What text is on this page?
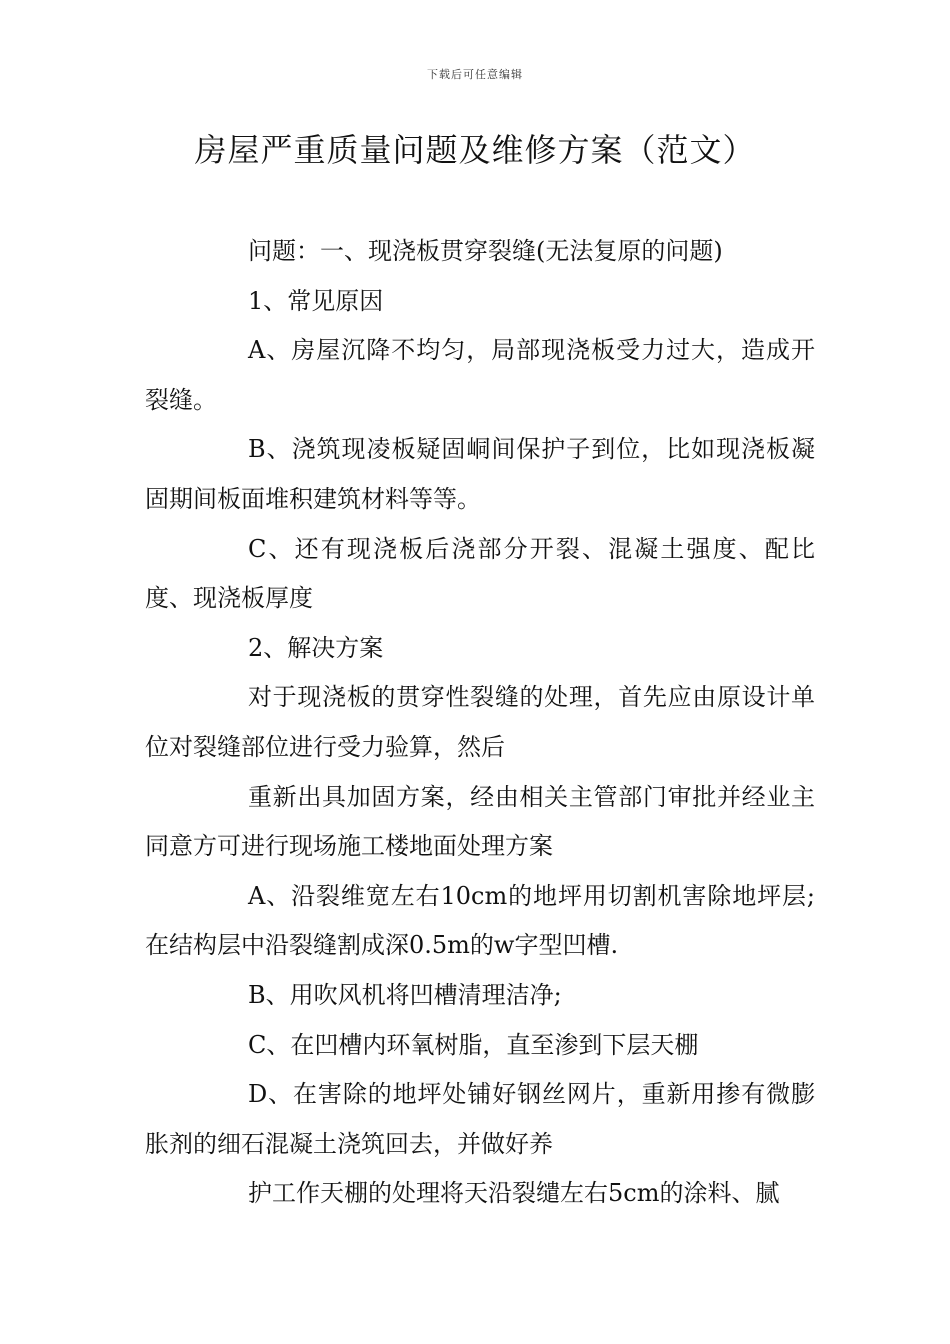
下载后可任意编辑
房屋严重质量问题及维修方案（范文）

问题：一、现浇板贯穿裂缝(无法复原的问题)

1、常见原因

A、房屋沉降不均匀，局部现浇板受力过大，造成开裂缝。

B、浇筑现凌板疑固峒间保护子到位，比如现浇板凝固期间板面堆积建筑材料等等。

C、还有现浇板后浇部分开裂、混凝土强度、配比度、现浇板厚度

2、解决方案

对于现浇板的贯穿性裂缝的处理，首先应由原设计单位对裂缝部位进行受力验算，然后

重新出具加固方案，经由相关主管部门审批并经业主同意方可进行现场施工楼地面处理方案

A、沿裂维宽左右10cm的地坪用切割机害除地坪层;在结构层中沿裂缝割成深0.5m的w字型凹槽.

B、用吹风机将凹槽清理洁净;

C、在凹槽内环氧树脂，直至渗到下层天棚

D、在害除的地坪处铺好钢丝网片，重新用掺有微膨胀剂的细石混凝土浇筑回去，并做好养

护工作天棚的处理将天沿裂缱左右5cm的涂料、腻
